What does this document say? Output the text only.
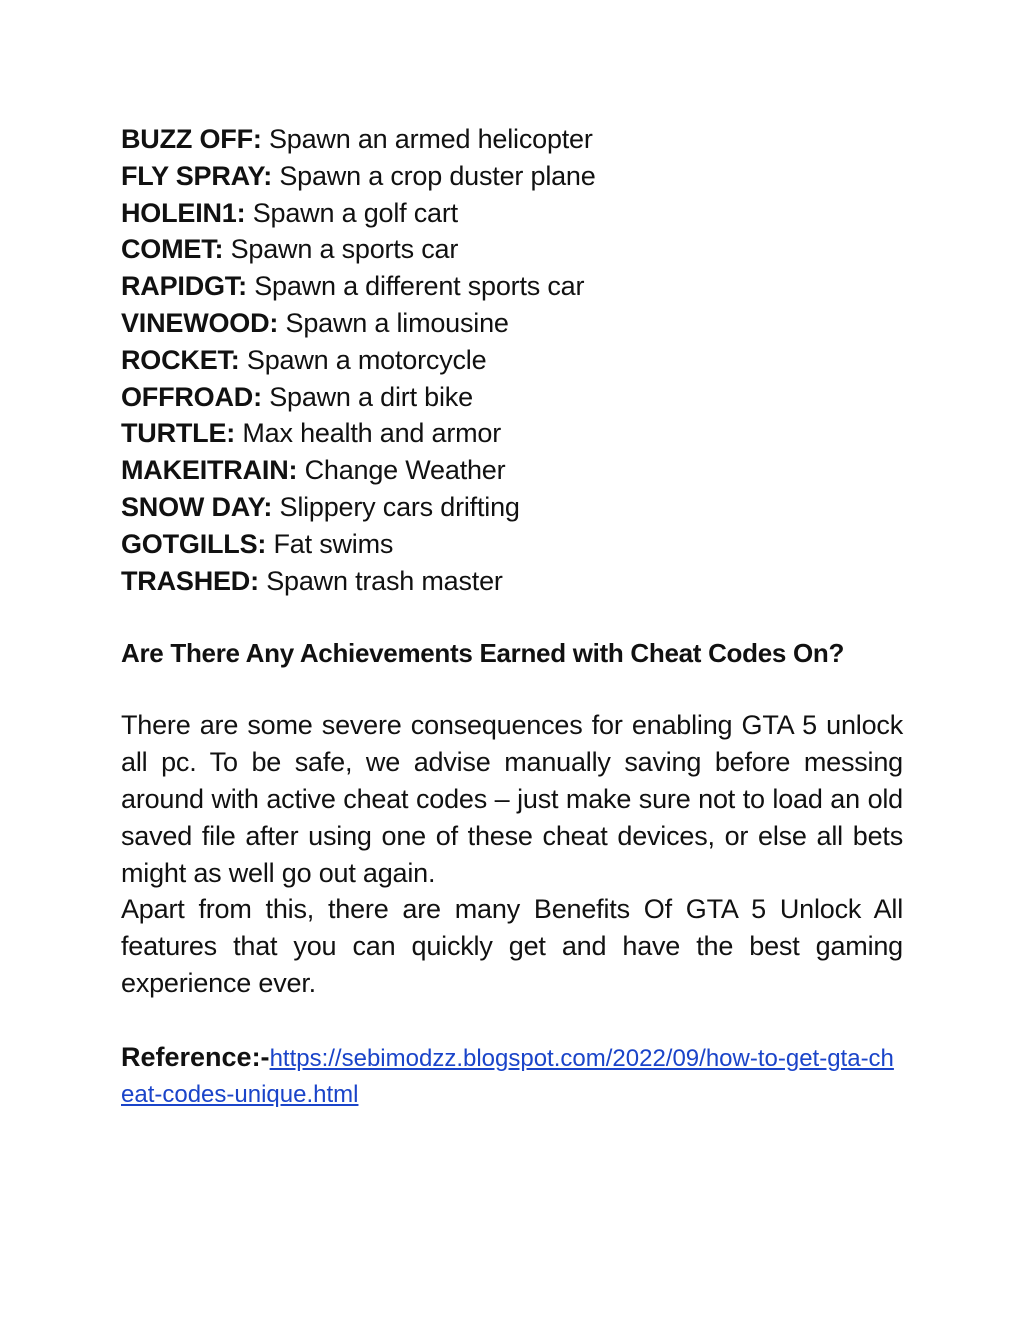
BUZZ OFF: Spawn an armed helicopter
FLY SPRAY: Spawn a crop duster plane
HOLEIN1: Spawn a golf cart
COMET: Spawn a sports car
RAPIDGT: Spawn a different sports car
VINEWOOD: Spawn a limousine
ROCKET: Spawn a motorcycle
OFFROAD: Spawn a dirt bike
TURTLE: Max health and armor
MAKEITRAIN: Change Weather
SNOW DAY: Slippery cars drifting
GOTGILLS: Fat swims
TRASHED: Spawn trash master
Are There Any Achievements Earned with Cheat Codes On?

There are some severe consequences for enabling GTA 5 unlock all pc. To be safe, we advise manually saving before messing around with active cheat codes – just make sure not to load an old saved file after using one of these cheat devices, or else all bets might as well go out again.

Apart from this, there are many Benefits Of GTA 5 Unlock All features that you can quickly get and have the best gaming experience ever.

Reference:-https://sebimodzz.blogspot.com/2022/09/how-to-get-gta-cheat-codes-unique.html
